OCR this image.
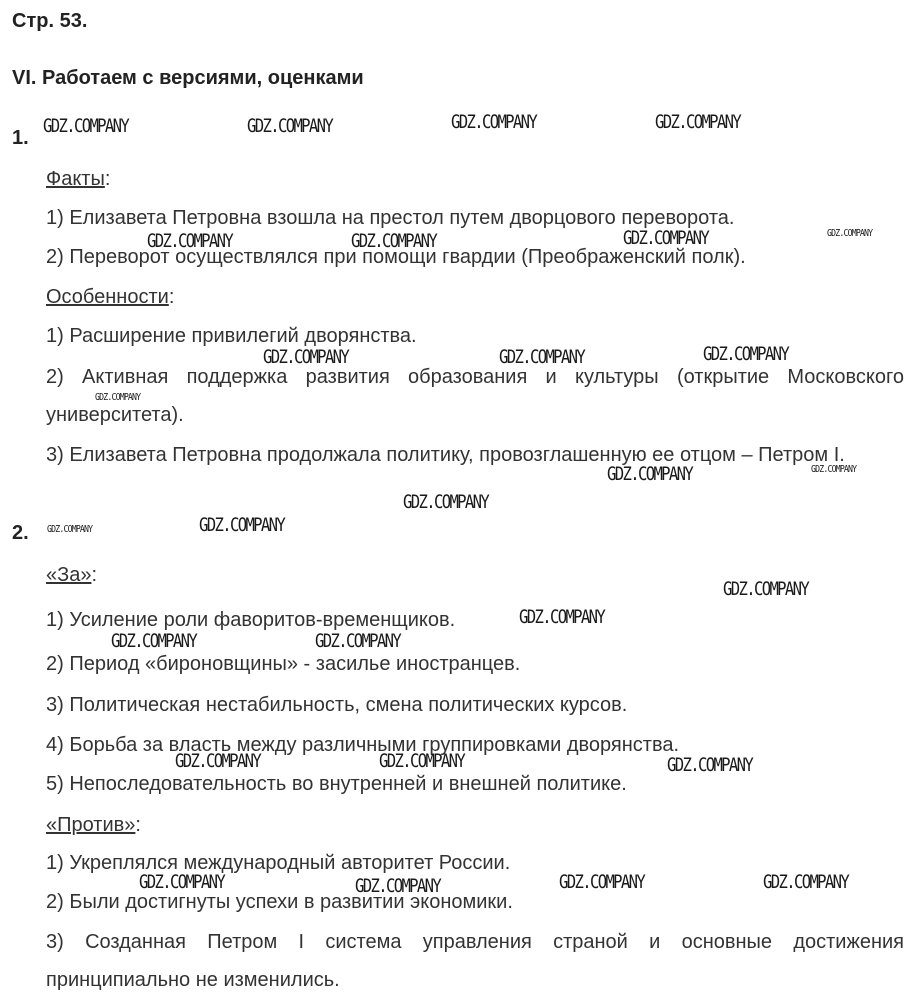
Стр. 53.
VI. Работаем с версиями, оценками
1.
Факты:
1) Елизавета Петровна взошла на престол путем дворцового переворота.
2) Переворот осуществлялся при помощи гвардии (Преображенский полк).
Особенности:
1) Расширение привилегий дворянства.
2) Активная поддержка развития образования и культуры (открытие Московского университета).
3) Елизавета Петровна продолжала политику, провозглашенную ее отцом – Петром I.
2.
«За»:
1) Усиление роли фаворитов-временщиков.
2) Период «бироновщины» - засилье иностранцев.
3) Политическая нестабильность, смена политических курсов.
4) Борьба за власть между различными группировками дворянства.
5) Непоследовательность во внутренней и внешней политике.
«Против»:
1) Укреплялся международный авторитет России.
2) Были достигнуты успехи в развитии экономики.
3) Созданная Петром I система управления страной и основные достижения принципиально не изменились.
GDZ.COMPANY	GDZ.COMPANY	GDZ.COMPANY	GDZ.COMPANY
GDZ.COMPANY	GDZ.COMPANY	GDZ.COMPANY	GDZ.COMPANY
GDZ.COMPANY	GDZ.COMPANY	GDZ.COMPANY
GDZ.COMPANY
GDZ.COMPANY	GDZ.COMPANY
GDZ.COMPANY
GDZ.COMPANY	GDZ.COMPANY
GDZ.COMPANY
GDZ.COMPANY
GDZ.COMPANY	GDZ.COMPANY
GDZ.COMPANY	GDZ.COMPANY	GDZ.COMPANY
GDZ.COMPANY	GDZ.COMPANY	GDZ.COMPANY	GDZ.COMPANY
